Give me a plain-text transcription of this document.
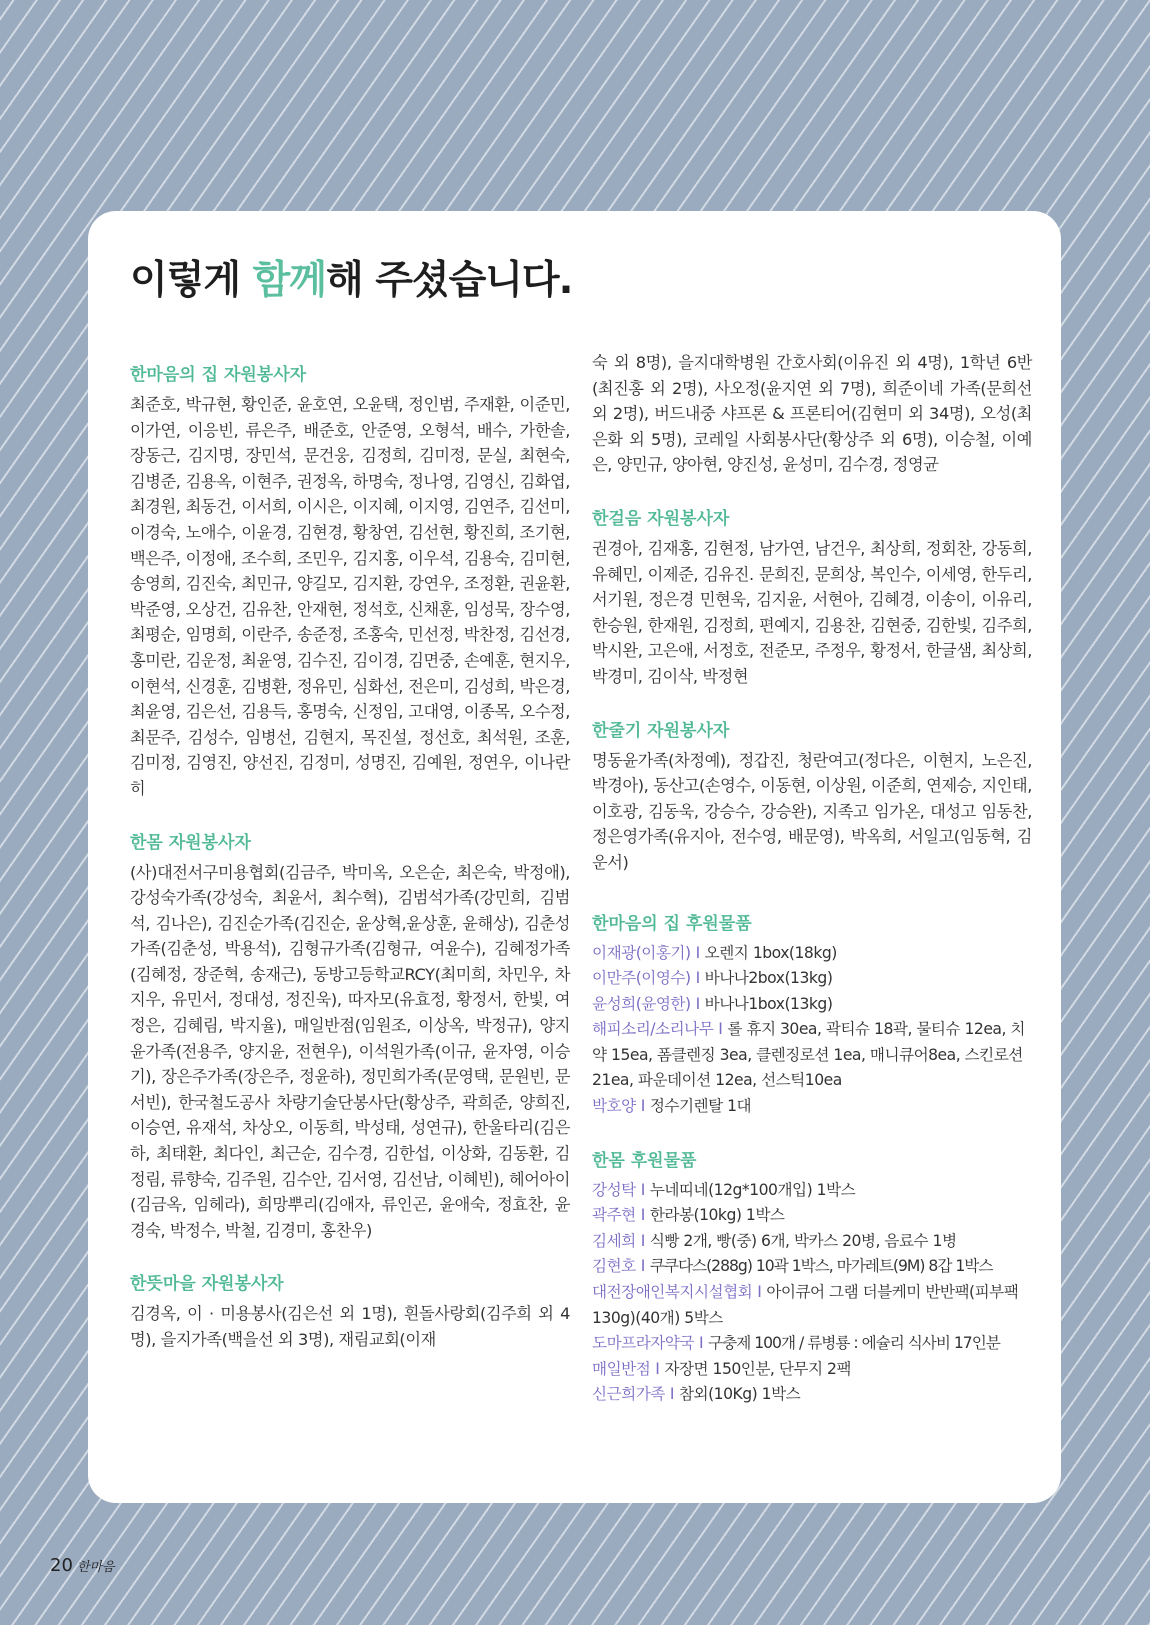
이렇게 함께해 주셨습니다.

한마음의 집 자원봉사자

최준호, 박규현, 황인준, 윤호연, 오윤택, 정인범, 주재환, 이준민, 이가연, 이응빈, 류은주, 배준호, 안준영, 오형석, 배수, 가한솔, 장동근, 김지명, 장민석, 문건웅, 김정희, 김미정, 문실, 최현숙, 김병준, 김용옥, 이현주, 권정옥, 하명숙, 정나영, 김영신, 김화엽, 최경원, 최동건, 이서희, 이시은, 이지혜, 이지영, 김연주, 김선미, 이경숙, 노애수, 이윤경, 김현경, 황창연, 김선현, 황진희, 조기현, 백은주, 이정애, 조수희, 조민우, 김지홍, 이우석, 김용숙, 김미현, 송영희, 김진숙, 최민규, 양길모, 김지환, 강연우, 조정환, 권윤환, 박준영, 오상건, 김유찬, 안재현, 정석호, 신채훈, 임성묵, 장수영, 최평순, 임명희, 이란주, 송준정, 조홍숙, 민선정, 박찬정, 김선경, 홍미란, 김운정, 최윤영, 김수진, 김이경, 김면중, 손예훈, 현지우, 이현석, 신경훈, 김병환, 정유민, 심화선, 전은미, 김성희, 박은경, 최윤영, 김은선, 김용득, 홍명숙, 신정임, 고대영, 이종목, 오수정, 최문주, 김성수, 임병선, 김현지, 목진설, 정선호, 최석원, 조훈, 김미정, 김영진, 양선진, 김정미, 성명진, 김예원, 정연우, 이나란히

한몸 자원봉사자

(사)대전서구미용협회(김금주, 박미옥, 오은순, 최은숙, 박정애), 강성숙가족(강성숙, 최윤서, 최수혁), 김범석가족(강민희, 김범석, 김나은), 김진순가족(김진순, 윤상혁,윤상훈, 윤해상), 김춘성가족(김춘성, 박용석), 김형규가족(김형규, 여윤수), 김혜정가족(김혜정, 장준혁, 송재근), 동방고등학교RCY(최미희, 차민우, 차지우, 유민서, 정대성, 정진욱), 따자모(유효정, 황정서, 한빛, 여정은, 김혜림, 박지율), 매일반점(임원조, 이상옥, 박정규), 양지윤가족(전용주, 양지윤, 전현우), 이석원가족(이규, 윤자영, 이승기), 장은주가족(장은주, 정윤하), 정민희가족(문영택, 문원빈, 문서빈), 한국철도공사 차량기술단봉사단(황상주, 곽희준, 양희진, 이승연, 유재석, 차상오, 이동희, 박성태, 성연규), 한울타리(김은하, 최태환, 최다인, 최근순, 김수경, 김한섭, 이상화, 김동환, 김정림, 류향숙, 김주원, 김수안, 김서영, 김선남, 이혜빈), 헤어아이(김금옥, 임헤라), 희망뿌리(김애자, 류인곤, 윤애숙, 정효찬, 윤경숙, 박정수, 박철, 김경미, 홍찬우)

한뜻마을 자원봉사자

김경옥, 이 · 미용봉사(김은선 외 1명), 흰돌사랑회(김주희 외 4명), 을지가족(백을선 외 3명), 재림교회(이재

숙 외 8명), 을지대학병원 간호사회(이유진 외 4명), 1학년 6반(최진홍 외 2명), 사오정(윤지연 외 7명), 희준이네 가족(문희선 외 2명), 버드내중 샤프론 & 프론티어(김현미 외 34명), 오성(최은화 외 5명), 코레일 사회봉사단(황상주 외 6명), 이승철, 이예은, 양민규, 양아현, 양진성, 윤성미, 김수경, 정영균

한걸음 자원봉사자

권경아, 김재홍, 김현정, 남가연, 남건우, 최상희, 정회찬, 강동희, 유혜민, 이제준, 김유진. 문희진, 문희상, 복인수, 이세영, 한두리, 서기원, 정은경 민현욱, 김지윤, 서현아, 김혜경, 이송이, 이유리, 한승원, 한재원, 김정희, 편예지, 김용찬, 김현중, 김한빛, 김주희, 박시완, 고은애, 서정호, 전준모, 주정우, 황정서, 한글샘, 최상희, 박경미, 김이삭, 박정현

한줄기 자원봉사자

명동윤가족(차정예), 정갑진, 청란여고(정다은, 이현지, 노은진, 박경아), 동산고(손영수, 이동현, 이상원, 이준희, 연제승, 지인태, 이호광, 김동욱, 강승수, 강승완), 지족고 임가온, 대성고 임동찬, 정은영가족(유지아, 전수영, 배문영), 박옥희, 서일고(임동혁, 김운서)

한마음의 집 후원물품

이재광(이홍기) I 오렌지 1box(18kg)

이만주(이영수) I 바나나2box(13kg)

윤성희(윤영한) I 바나나1box(13kg)

해피소리/소리나무 I 롤 휴지 30ea, 곽티슈 18곽, 물티슈 12ea, 치약 15ea, 폼클렌징 3ea, 클렌징로션 1ea, 매니큐어8ea, 스킨로션 21ea, 파운데이션 12ea, 선스틱10ea

박호양 I 정수기렌탈 1대

한몸 후원물품

강성탁 I 누네띠네(12g*100개입) 1박스

곽주현 I 한라봉(10kg) 1박스

김세희 I 식빵 2개, 빵(중) 6개, 박카스 20병, 음료수 1병

김현호 I 쿠쿠다스(288g) 10곽 1박스, 마가레트(9M) 8갑 1박스

대전장애인복지시설협회 I 아이큐어 그램 더블케미 반반팩(피부팩130g)(40개) 5박스

도마프라자약국 I 구충제 100개 / 류병룡 : 에슐리 식사비 17인분

매일반점 I 자장면 150인분, 단무지 2팩

신근희가족 I 참외(10Kg) 1박스

20 한마음
